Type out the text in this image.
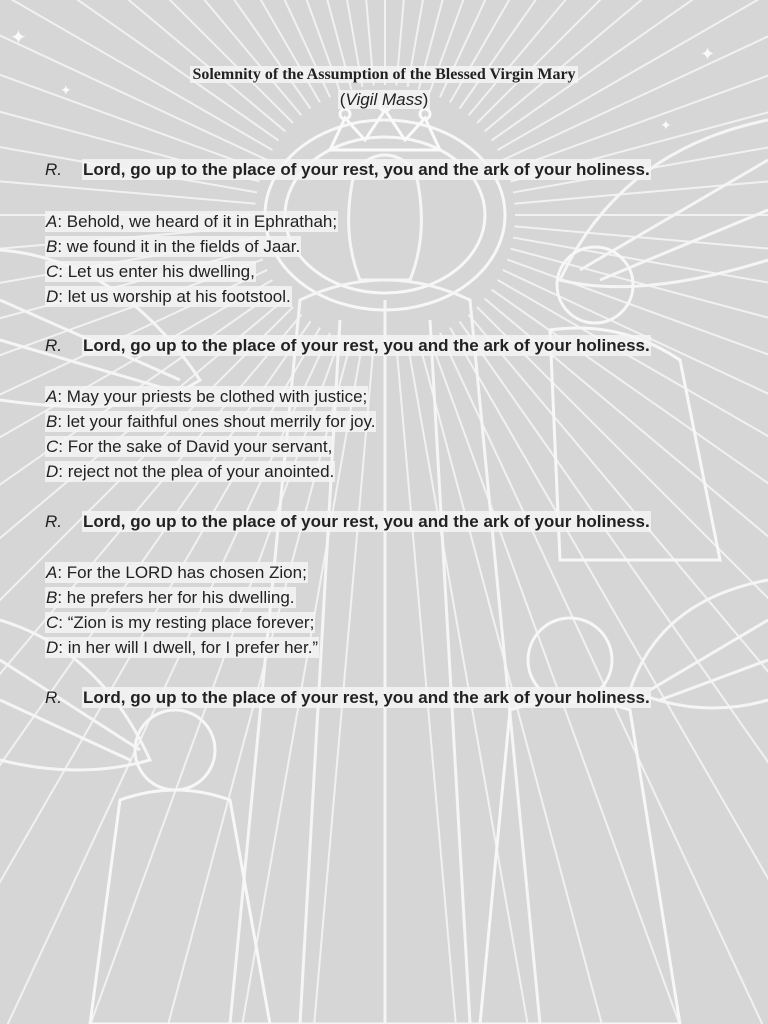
✦
✦
✦
✦
Solemnity of the Assumption of the Blessed Virgin Mary
(Vigil Mass)
R. Lord, go up to the place of your rest, you and the ark of your holiness.
A: Behold, we heard of it in Ephrathah;
B: we found it in the fields of Jaar.
C: Let us enter his dwelling,
D: let us worship at his footstool.
R. Lord, go up to the place of your rest, you and the ark of your holiness.
A: May your priests be clothed with justice;
B: let your faithful ones shout merrily for joy.
C: For the sake of David your servant,
D: reject not the plea of your anointed.
R. Lord, go up to the place of your rest, you and the ark of your holiness.
A: For the LORD has chosen Zion;
B: he prefers her for his dwelling.
C: “Zion is my resting place forever;
D: in her will I dwell, for I prefer her.”
R. Lord, go up to the place of your rest, you and the ark of your holiness.
